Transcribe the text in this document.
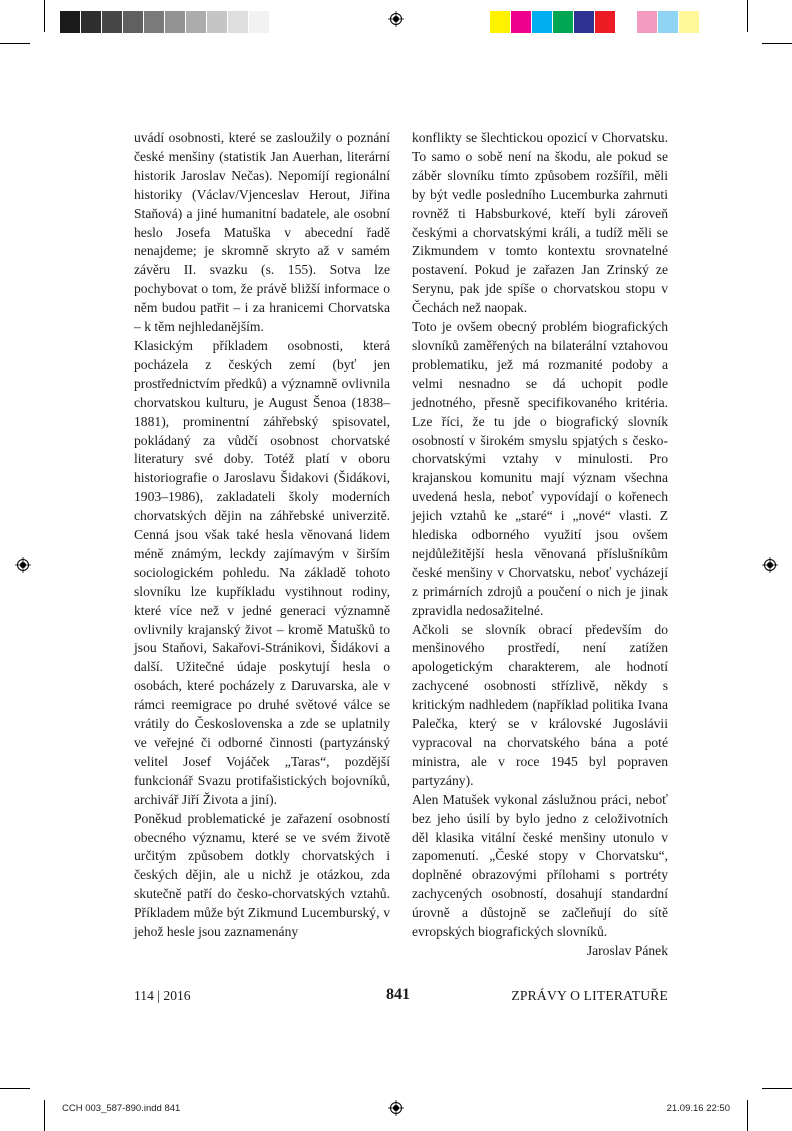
uvádí osobnosti, které se zasloužily o poznání české menšiny (statistik Jan Auerhan, literární historik Jaroslav Nečas). Nepomíjí regionální historiky (Václav/Vjenceslav Herout, Jiřina Staňová) a jiné humanitní badatele, ale osobní heslo Josefa Matuška v abecední řadě nenajdeme; je skromně skryto až v samém závěru II. svazku (s. 155). Sotva lze pochybovat o tom, že právě bližší informace o něm budou patřit – i za hranicemi Chorvatska – k těm nejhledanějším.

Klasickým příkladem osobnosti, která pocházela z českých zemí (byť jen prostřednictvím předků) a významně ovlivnila chorvatskou kulturu, je August Šenoa (1838–1881), prominentní záhřebský spisovatel, pokládaný za vůdčí osobnost chorvatské literatury své doby. Totéž platí v oboru historiografie o Jaroslavu Šidakovi (Šidákovi, 1903–1986), zakladateli školy moderních chorvatských dějin na záhřebské univerzitě. Cenná jsou však také hesla věnovaná lidem méně známým, leckdy zajímavým v širším sociologickém pohledu. Na základě tohoto slovníku lze kupříkladu vystihnout rodiny, které více než v jedné generaci významně ovlivnily krajanský život – kromě Matušků to jsou Staňovi, Sakařovi-Stránikovi, Šidákovi a další. Užitečné údaje poskytují hesla o osobách, které pocházely z Daruvarska, ale v rámci reemigrace po druhé světové válce se vrátily do Československa a zde se uplatnily ve veřejné či odborné činnosti (partyzánský velitel Josef Vojáček „Taras“, pozdější funkcionář Svazu protifašistických bojovníků, archivář Jiří Života a jiní).

Poněkud problematické je zařazení osobností obecného významu, které se ve svém životě určitým způsobem dotkly chorvatských i českých dějin, ale u nichž je otázkou, zda skutečně patří do česko-chorvatských vztahů. Příkladem může být Zikmund Lucemburský, v jehož hesle jsou zaznamenány

konflikty se šlechtickou opozicí v Chorvatsku. To samo o sobě není na škodu, ale pokud se záběr slovníku tímto způsobem rozšířil, měli by být vedle posledního Lucemburka zahrnuti rovněž ti Habsburkové, kteří byli zároveň českými a chorvatskými králi, a tudíž měli se Zikmundem v tomto kontextu srovnatelné postavení. Pokud je zařazen Jan Zrinský ze Serynu, pak jde spíše o chorvatskou stopu v Čechách než naopak.

Toto je ovšem obecný problém biografických slovníků zaměřených na bilaterální vztahovou problematiku, jež má rozmanité podoby a velmi nesnadno se dá uchopit podle jednotného, přesně specifikovaného kritéria. Lze říci, že tu jde o biografický slovník osobností v širokém smyslu spjatých s česko-chorvatskými vztahy v minulosti. Pro krajanskou komunitu mají význam všechna uvedená hesla, neboť vypovídají o kořenech jejich vztahů ke „staré“ i „nové“ vlasti. Z hlediska odborného využití jsou ovšem nejdůležitější hesla věnovaná příslušníkům české menšiny v Chorvatsku, neboť vycházejí z primárních zdrojů a poučení o nich je jinak zpravidla nedosažitelné.

Ačkoli se slovník obrací především do menšinového prostředí, není zatížen apologetickým charakterem, ale hodnotí zachycené osobnosti střízlivě, někdy s kritickým nadhledem (například politika Ivana Palečka, který se v královské Jugoslávii vypracoval na chorvatského bána a poté ministra, ale v roce 1945 byl popraven partyzány).

Alen Matušek vykonal záslužnou práci, neboť bez jeho úsilí by bylo jedno z celoživotních děl klasika vitální české menšiny utonulo v zapomenutí. „České stopy v Chorvatsku“, doplněné obrazovými přílohami s portréty zachycených osobností, dosahují standardní úrovně a důstojně se začleňují do sítě evropských biografických slovníků.

Jaroslav Pánek

114 | 2016	841	ZPRÁVY O LITERATUŘE
CCH 003_587-890.indd 841	21.09.16 22:50
